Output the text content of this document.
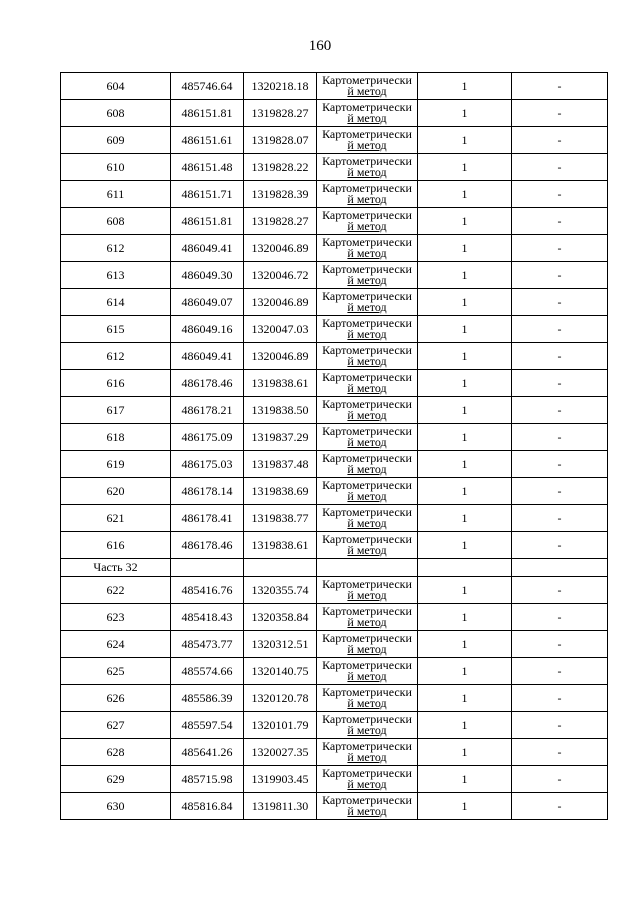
160
604	485746.64	1320218.18	Картометрически
й метод	1	-
608	486151.81	1319828.27	Картометрически
й метод	1	-
609	486151.61	1319828.07	Картометрически
й метод	1	-
610	486151.48	1319828.22	Картометрически
й метод	1	-
611	486151.71	1319828.39	Картометрически
й метод	1	-
608	486151.81	1319828.27	Картометрически
й метод	1	-
612	486049.41	1320046.89	Картометрически
й метод	1	-
613	486049.30	1320046.72	Картометрически
й метод	1	-
614	486049.07	1320046.89	Картометрически
й метод	1	-
615	486049.16	1320047.03	Картометрически
й метод	1	-
612	486049.41	1320046.89	Картометрически
й метод	1	-
616	486178.46	1319838.61	Картометрически
й метод	1	-
617	486178.21	1319838.50	Картометрически
й метод	1	-
618	486175.09	1319837.29	Картометрически
й метод	1	-
619	486175.03	1319837.48	Картометрически
й метод	1	-
620	486178.14	1319838.69	Картометрически
й метод	1	-
621	486178.41	1319838.77	Картометрически
й метод	1	-
616	486178.46	1319838.61	Картометрически
й метод	1	-
Часть 32					
622	485416.76	1320355.74	Картометрически
й метод	1	-
623	485418.43	1320358.84	Картометрически
й метод	1	-
624	485473.77	1320312.51	Картометрически
й метод	1	-
625	485574.66	1320140.75	Картометрически
й метод	1	-
626	485586.39	1320120.78	Картометрически
й метод	1	-
627	485597.54	1320101.79	Картометрически
й метод	1	-
628	485641.26	1320027.35	Картометрически
й метод	1	-
629	485715.98	1319903.45	Картометрически
й метод	1	-
630	485816.84	1319811.30	Картометрически
й метод	1	-
